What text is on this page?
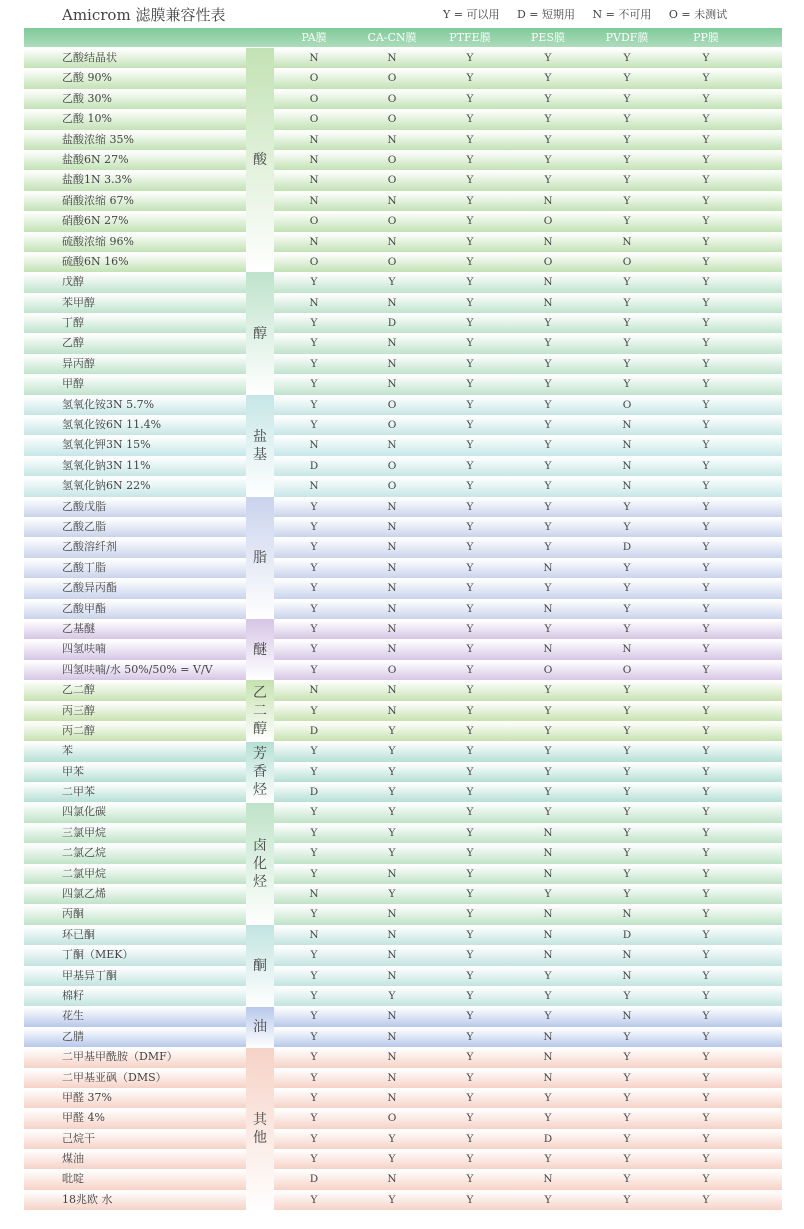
Amicrom 滤膜兼容性表	Y = 可以用 D = 短期用 N = 不可用 O = 未测试
PA膜	CA-CN膜	PTFE膜	PES膜	PVDF膜	PP膜
乙酸结晶状	N	N	Y	Y	Y	Y
乙酸 90%	O	O	Y	Y	Y	Y
乙酸 30%	O	O	Y	Y	Y	Y
乙酸 10%	O	O	Y	Y	Y	Y
盐酸浓缩 35%	N	N	Y	Y	Y	Y
盐酸6N 27%	N	O	Y	Y	Y	Y
盐酸1N 3.3%	N	O	Y	Y	Y	Y
硝酸浓缩 67%	N	N	Y	N	Y	Y
硝酸6N 27%	O	O	Y	O	Y	Y
硫酸浓缩 96%	N	N	Y	N	N	Y
硫酸6N 16%	O	O	Y	O	O	Y
酸
戊醇	Y	Y	Y	N	Y	Y
苯甲醇	N	N	Y	N	Y	Y
丁醇	Y	D	Y	Y	Y	Y
乙醇	Y	N	Y	Y	Y	Y
异丙醇	Y	N	Y	Y	Y	Y
甲醇	Y	N	Y	Y	Y	Y
醇
氢氧化铵3N 5.7%	Y	O	Y	Y	O	Y
氢氧化铵6N 11.4%	Y	O	Y	Y	N	Y
氢氧化钾3N 15%	N	N	Y	Y	N	Y
氢氧化钠3N 11%	D	O	Y	Y	N	Y
氢氧化钠6N 22%	N	O	Y	Y	N	Y
盐基
乙酸戊脂	Y	N	Y	Y	Y	Y
乙酸乙脂	Y	N	Y	Y	Y	Y
乙酸溶纤剂	Y	N	Y	Y	D	Y
乙酸丁脂	Y	N	Y	N	Y	Y
乙酸异丙酯	Y	N	Y	Y	Y	Y
乙酸甲酯	Y	N	Y	N	Y	Y
脂
乙基醚	Y	N	Y	Y	Y	Y
四氢呋喃	Y	N	Y	N	N	Y
四氢呋喃/水 50%/50% = V/V	Y	O	Y	O	O	Y
醚
乙二醇	N	N	Y	Y	Y	Y
丙三醇	Y	N	Y	Y	Y	Y
丙二醇	D	Y	Y	Y	Y	Y
乙二醇
苯	Y	Y	Y	Y	Y	Y
甲苯	Y	Y	Y	Y	Y	Y
二甲苯	D	Y	Y	Y	Y	Y
芳香烃
四氯化碳	Y	Y	Y	Y	Y	Y
三氯甲烷	Y	Y	Y	N	Y	Y
二氯乙烷	Y	Y	Y	N	Y	Y
二氯甲烷	Y	N	Y	N	Y	Y
四氯乙烯	N	Y	Y	Y	Y	Y
丙酮	Y	N	Y	N	N	Y
卤化烃
环已酮	N	N	Y	N	D	Y
丁酮（MEK）	Y	N	Y	N	N	Y
甲基异丁酮	Y	N	Y	Y	N	Y
棉籽	Y	Y	Y	Y	Y	Y
酮
花生	Y	N	Y	Y	N	Y
乙腈	Y	N	Y	N	Y	Y
油
二甲基甲酰胺（DMF）	Y	N	Y	N	Y	Y
二甲基亚砜（DMS）	Y	N	Y	N	Y	Y
甲醛 37%	Y	N	Y	Y	Y	Y
甲醛 4%	Y	O	Y	Y	Y	Y
己烷干	Y	Y	Y	D	Y	Y
煤油	Y	Y	Y	Y	Y	Y
吡啶	D	N	Y	N	Y	Y
18兆欧 水	Y	Y	Y	Y	Y	Y
其他
